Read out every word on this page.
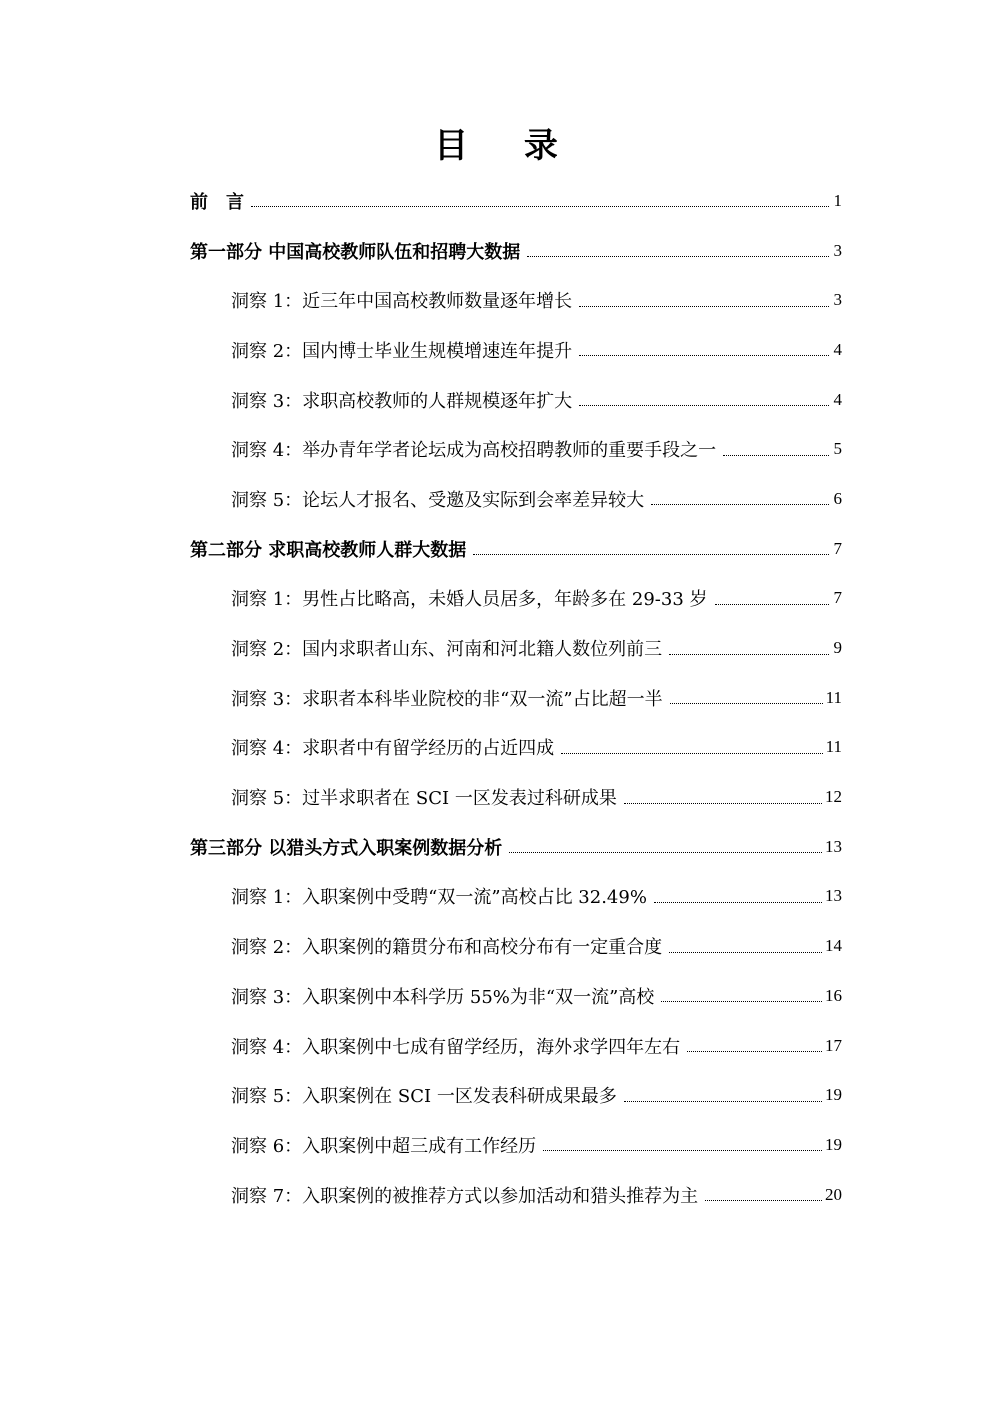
目 录
前　言	1
第一部分 中国高校教师队伍和招聘大数据	3
洞察 1：近三年中国高校教师数量逐年增长	3
洞察 2：国内博士毕业生规模增速连年提升	4
洞察 3：求职高校教师的人群规模逐年扩大	4
洞察 4：举办青年学者论坛成为高校招聘教师的重要手段之一	5
洞察 5：论坛人才报名、受邀及实际到会率差异较大	6
第二部分 求职高校教师人群大数据	7
洞察 1：男性占比略高，未婚人员居多，年龄多在 29-33 岁	7
洞察 2：国内求职者山东、河南和河北籍人数位列前三	9
洞察 3：求职者本科毕业院校的非“双一流”占比超一半	11
洞察 4：求职者中有留学经历的占近四成	11
洞察 5：过半求职者在 SCI 一区发表过科研成果	12
第三部分 以猎头方式入职案例数据分析	13
洞察 1：入职案例中受聘“双一流”高校占比 32.49%	13
洞察 2：入职案例的籍贯分布和高校分布有一定重合度	14
洞察 3：入职案例中本科学历 55%为非“双一流”高校	16
洞察 4：入职案例中七成有留学经历，海外求学四年左右	17
洞察 5：入职案例在 SCI 一区发表科研成果最多	19
洞察 6：入职案例中超三成有工作经历	19
洞察 7：入职案例的被推荐方式以参加活动和猎头推荐为主	20
